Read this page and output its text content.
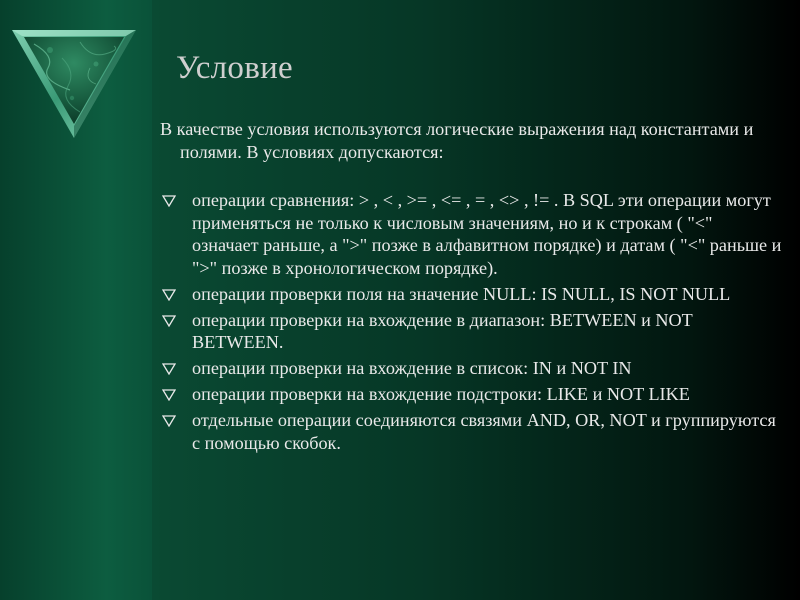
Условие

В качестве условия используются логические выражения над константами и полями. В условиях допускаются:

операции сравнения: > , < , >= , <= , = , <> , != . В SQL эти операции могут применяться не только к числовым значениям, но и к строкам ( "<" означает раньше, а ">" позже в алфавитном порядке) и датам ( "<" раньше и ">" позже в хронологическом порядке).
операции проверки поля на значение NULL: IS NULL, IS NOT NULL
операции проверки на вхождение в диапазон: BETWEEN и NOT BETWEEN.
операции проверки на вхождение в список: IN и NOT IN
операции проверки на вхождение подстроки: LIKE и NOT LIKE
отдельные операции соединяются связями AND, OR, NOT и группируются с помощью скобок.
